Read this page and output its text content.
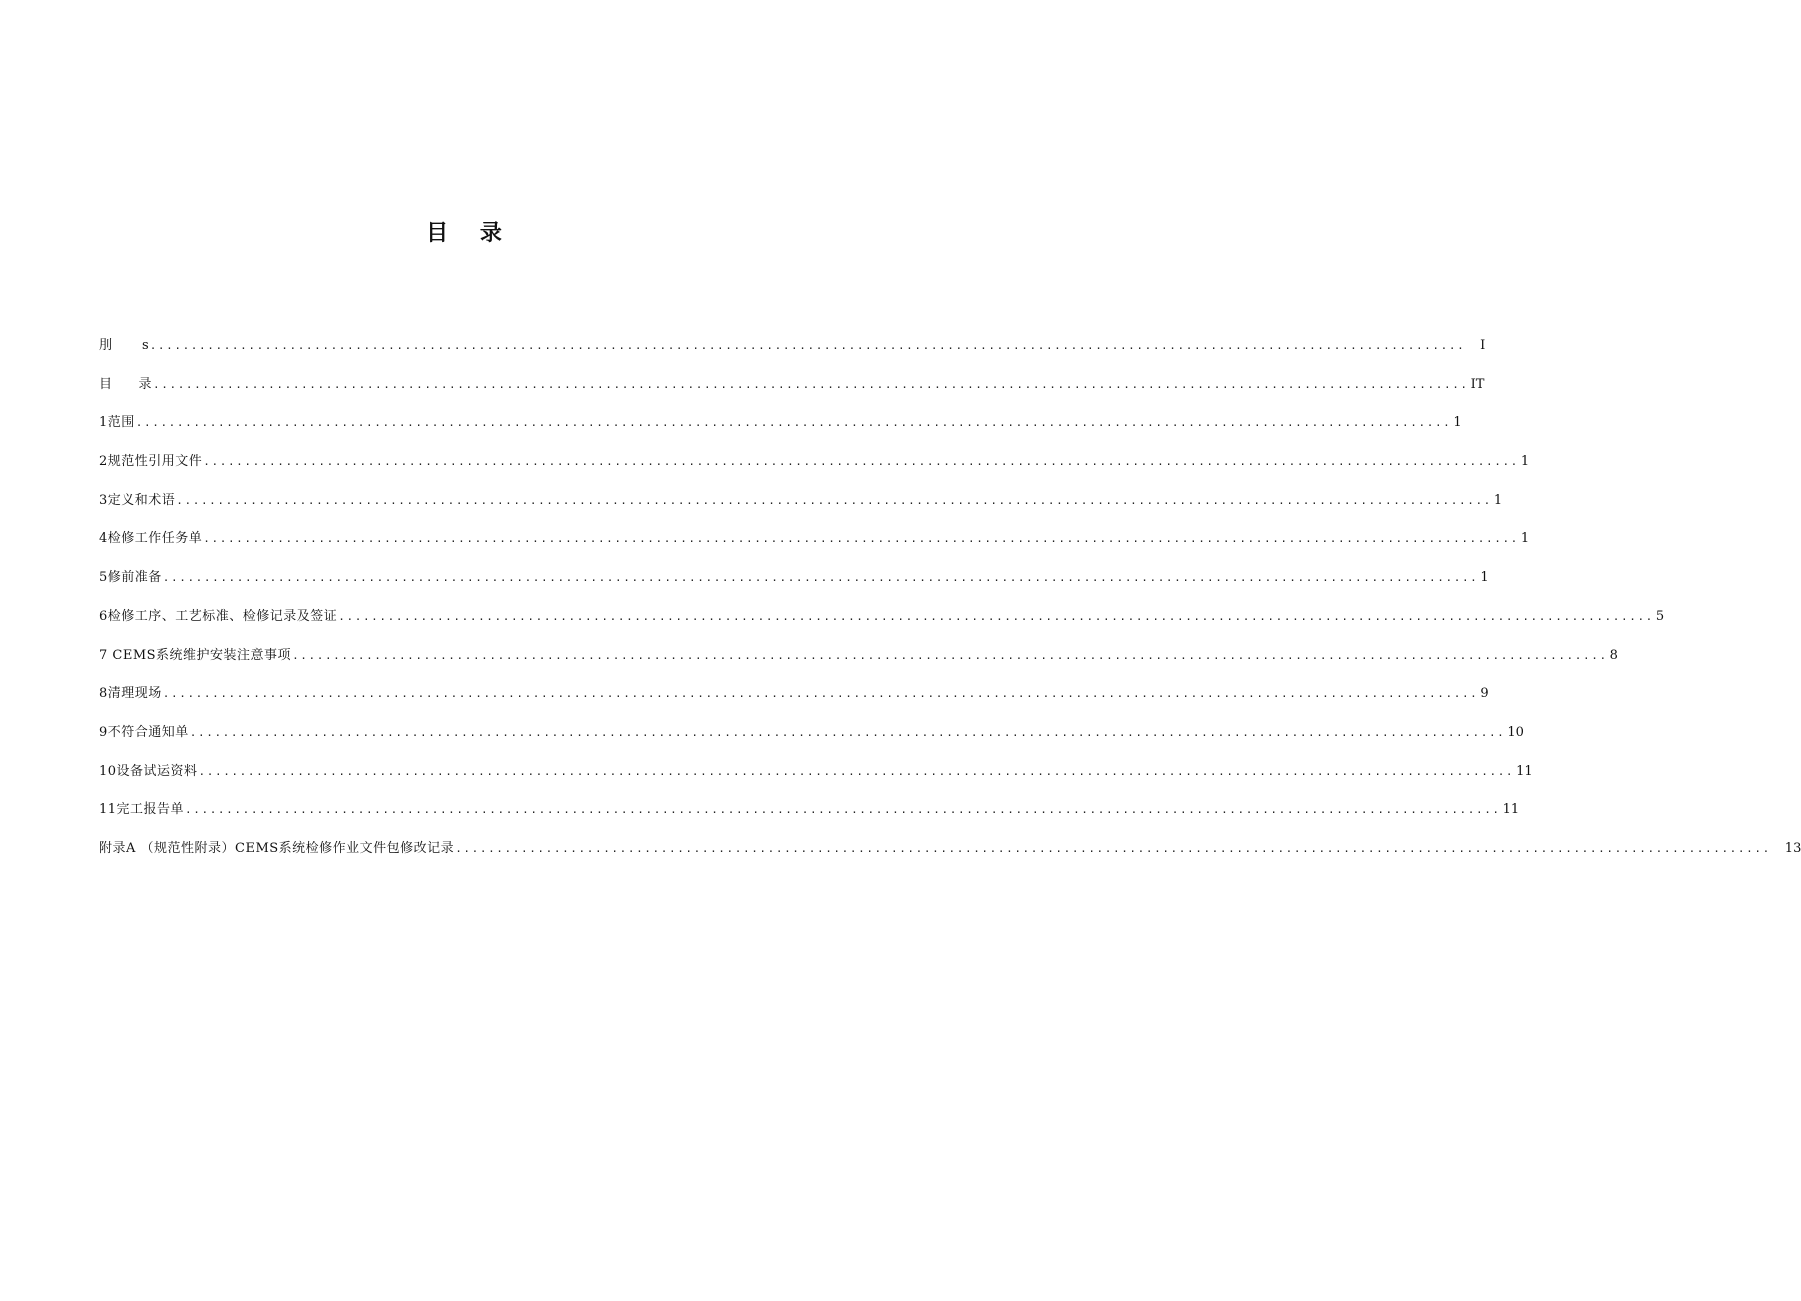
目 录
刖 s ................................................................................................................................................................ I
目 录 ................................................................................................................................................................ IT
1范围 ................................................................................................................................................................ 1
2规范性引用文件 ................................................................................................................................................................ 1
3定义和术语 ................................................................................................................................................................ 1
4检修工作任务单 ................................................................................................................................................................ 1
5修前准备 ................................................................................................................................................................ 1
6检修工序、工艺标准、检修记录及签证 ................................................................................................................................................................ 5
7 CEMS系统维护安装注意事项 ................................................................................................................................................................ 8
8清理现场 ................................................................................................................................................................ 9
9不符合通知单 ................................................................................................................................................................ 10
10设备试运资料 ................................................................................................................................................................ 11
11完工报告单 ................................................................................................................................................................ 11
附录A （规范性附录）CEMS系统检修作业文件包修改记录 ................................................................................................................................................................ 13
